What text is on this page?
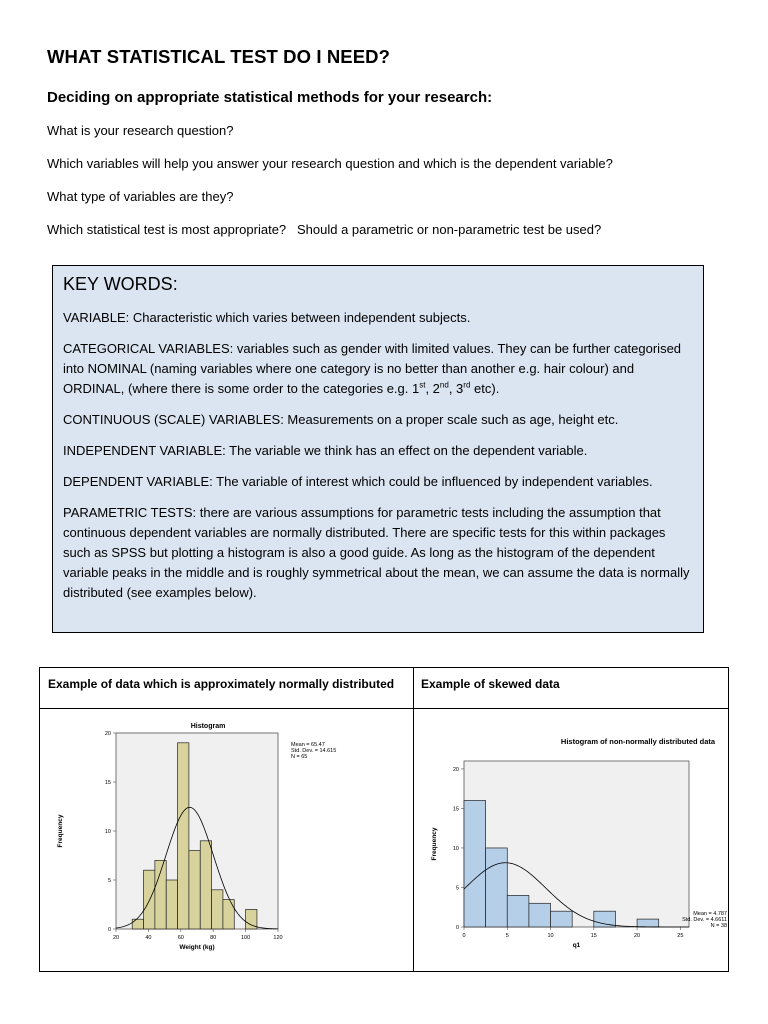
WHAT STATISTICAL TEST DO I NEED?
Deciding on appropriate statistical methods for your research:

What is your research question?

Which variables will help you answer your research question and which is the dependent variable?

What type of variables are they?

Which statistical test is most appropriate?   Should a parametric or non-parametric test be used?

KEY WORDS:

VARIABLE: Characteristic which varies between independent subjects.

CATEGORICAL VARIABLES: variables such as gender with limited values. They can be further categorised into NOMINAL (naming variables where one category is no better than another e.g. hair colour) and ORDINAL, (where there is some order to the categories e.g. 1st, 2nd, 3rd etc).

CONTINUOUS (SCALE) VARIABLES: Measurements on a proper scale such as age, height etc.

INDEPENDENT VARIABLE: The variable we think has an effect on the dependent variable.

DEPENDENT VARIABLE: The variable of interest which could be influenced by independent variables.

PARAMETRIC TESTS: there are various assumptions for parametric tests including the assumption that continuous dependent variables are normally distributed. There are specific tests for this within packages such as SPSS but plotting a histogram is also a good guide. As long as the histogram of the dependent variable peaks in the middle and is roughly symmetrical about the mean, we can assume the data is normally distributed (see examples below).

Example of data which is approximately normally distributed Example of skewed data

Histogram
0
5
10
15
20
20	40	60	80	100	120
Weight (kg)
Frequency
Mean = 65.47
Std. Dev. = 14.615
N = 65
Histogram of non-normally distributed data
0
5
10
15
20
0	5	10	15	20	25
q1
Frequency
Mean = 4.787
Std. Dev. = 4.6611
N = 38
